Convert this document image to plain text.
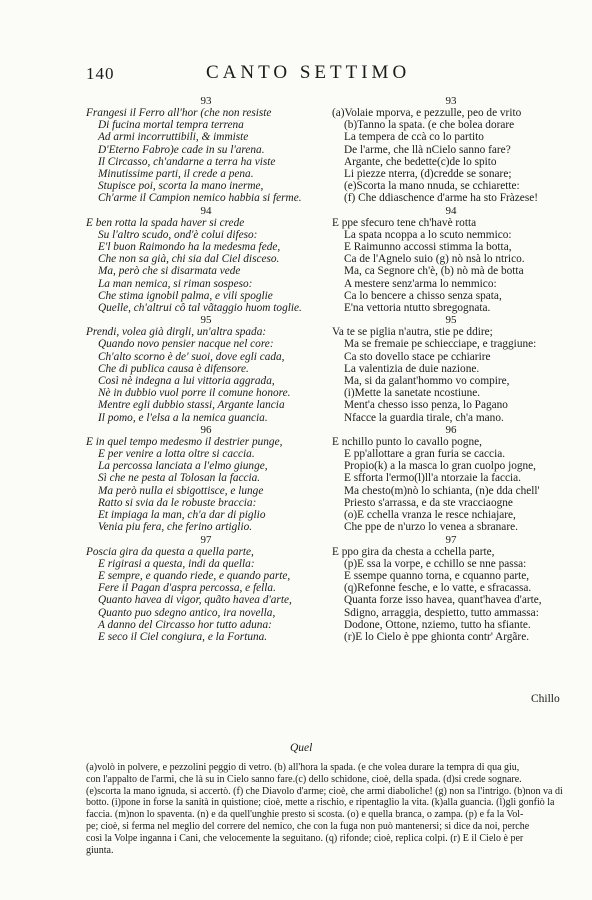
140	CANTO SETTIMO
93
Frangesi il Ferro all'hor (che non resiste
Di fucina mortal tempra terrena
Ad armi incorruttibili, & immiste
D'Eterno Fabro)e cade in su l'arena.
Il Circasso, ch'andarne a terra ha viste
Minutissime parti, il crede a pena.
Stupisce poi, scorta la mano inerme,
Ch'arme il Campion nemico habbia si ferme.
94
E ben rotta la spada haver si crede
Su l'altro scudo, ond'è colui difeso:
E'l buon Raimondo ha la medesma fede,
Che non sa già, chi sia dal Ciel disceso.
Ma, però che si disarmata vede
La man nemica, si riman sospeso:
Che stima ignobil palma, e vili spoglie
Quelle, ch'altrui cô tal vãtaggio huom toglie.
95
Prendi, volea già dirgli, un'altra spada:
Quando novo pensier nacque nel core:
Ch'alto scorno è de' suoi, dove egli cada,
Che di publica causa è difensore.
Così nè indegna a lui vittoria aggrada,
Nè in dubbio vuol porre il comune honore.
Mentre egli dubbio stassi, Argante lancia
Il pomo, e l'elsa a la nemica guancia.
96
E in quel tempo medesmo il destrier punge,
E per venire a lotta oltre si caccia.
La percossa lanciata a l'elmo giunge,
Sì che ne pesta al Tolosan la faccia.
Ma però nulla ei sbigottisce, e lunge
Ratto si svia da le robuste braccia:
Et impiaga la man, ch'a dar di piglio
Venia piu fera, che ferino artiglio.
97
Poscia gira da questa a quella parte,
E rigirasi a questa, indi da quella:
E sempre, e quando riede, e quando parte,
Fere il Pagan d'aspra percossa, e fella.
Quanto havea di vigor, quãto havea d'arte,
Quanto puo sdegno antico, ira novella,
A danno del Circasso hor tutto aduna:
E seco il Ciel congiura, e la Fortuna.
93
(a)Volaie mporva, e pezzulle, peo de vrito
(b)Tanno la spata. (e che bolea dorare
La tempera de ccà co lo partito
De l'arme, che llà nCielo sanno fare?
Argante, che bedette(c)de lo spito
Li piezze nterra, (d)credde se sonare;
(e)Scorta la mano nnuda, se cchiarette:
(f) Che ddiaschence d'arme ha sto Fràzese!
94
E ppe sfecuro tene ch'havè rotta
La spata ncoppa a lo scuto nemmico:
E Raimunno accossi stimma la botta,
Ca de l'Agnelo suio (g) nò nsà lo ntrico.
Ma, ca Segnore ch'è, (b) nò mà de botta
A mestere senz'arma lo nemmico:
Ca lo bencere a chisso senza spata,
E'na vettoria ntutto sbregognata.
95
Va te se piglia n'autra, stie pe ddire;
Ma se fremaie pe schiecciape, e traggiune:
Ca sto dovello stace pe cchiarire
La valentizia de duie nazione.
Ma, si da galant'hommo vo compire,
(i)Mette la sanetate ncostiune.
Ment'a chesso isso penza, lo Pagano
Nfacce la guardia tirale, ch'a mano.
96
E nchillo punto lo cavallo pogne,
E pp'allottare a gran furia se caccia.
Propio(k) a la masca lo gran cuolpo jogne,
E sfforta l'ermo(l)ll'a ntorzaie la faccia.
Ma chesto(m)nò lo schianta, (n)e dda chell'
Priesto s'arrassa, e da ste vracciaogne
(o)E cchella vranza le resce nchiajare,
Che ppe de n'urzo lo venea a sbranare.
97
E ppo gira da chesta a cchella parte,
(p)E ssa la vorpe, e cchillo se nne passa:
E ssempe quanno torna, e cquanno parte,
(q)Refonne fesche, e lo vatte, e sfracassa.
Quanta forze isso havea, quant'havea d'arte,
Sdigno, arraggia, despietto, tutto ammassa:
Dodone, Ottone, nziemo, tutto ha sfiante.
(r)E lo Cielo è ppe ghionta contr' Argãre.
Chillo
Quel
(a)volò in polvere, e pezzolini peggio di vetro. (b) all'hora la spada. (e che volea durare la tempra di qua giu,
con l'appalto de l'armi, che là su in Cielo sanno fare.(c) dello schidone, cioè, della spada. (d)si crede sognare.
(e)scorta la mano ignuda, si accertò. (f) che Diavolo d'arme; cioè, che armi diaboliche! (g) non sa l'intrigo. (b)non va di
botto. (i)pone in forse la sanità in quistione; cioè, mette a rischio, e ripentaglio la vita. (k)alla guancia. (l)gli gonfiò la
faccia. (m)non lo spaventa. (n) e da quell'unghie presto si scosta. (o) e quella branca, o zampa. (p) e fa la Vol-
pe; cioè, si ferma nel meglio del correre del nemico, che con la fuga non può mantenersi; si dice da noi, perche
così la Volpe inganna i Cani, che velocemente la seguitano. (q) rifonde; cioè, replica colpi. (r) E il Cielo è per
giunta.
